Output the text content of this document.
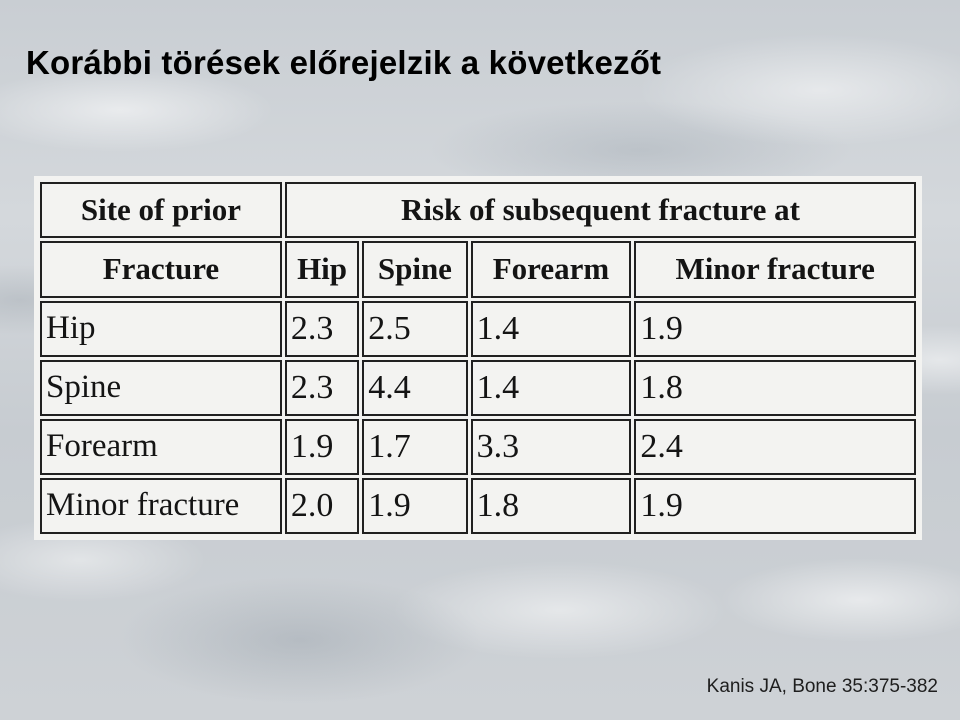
Korábbi törések előrejelzik a következőt
Site of prior	Risk of subsequent fracture at			
Fracture	Hip	Spine	Forearm	Minor fracture
Hip	2.3	2.5	1.4	1.9
Spine	2.3	4.4	1.4	1.8
Forearm	1.9	1.7	3.3	2.4
Minor fracture	2.0	1.9	1.8	1.9

Kanis JA, Bone 35:375-382
